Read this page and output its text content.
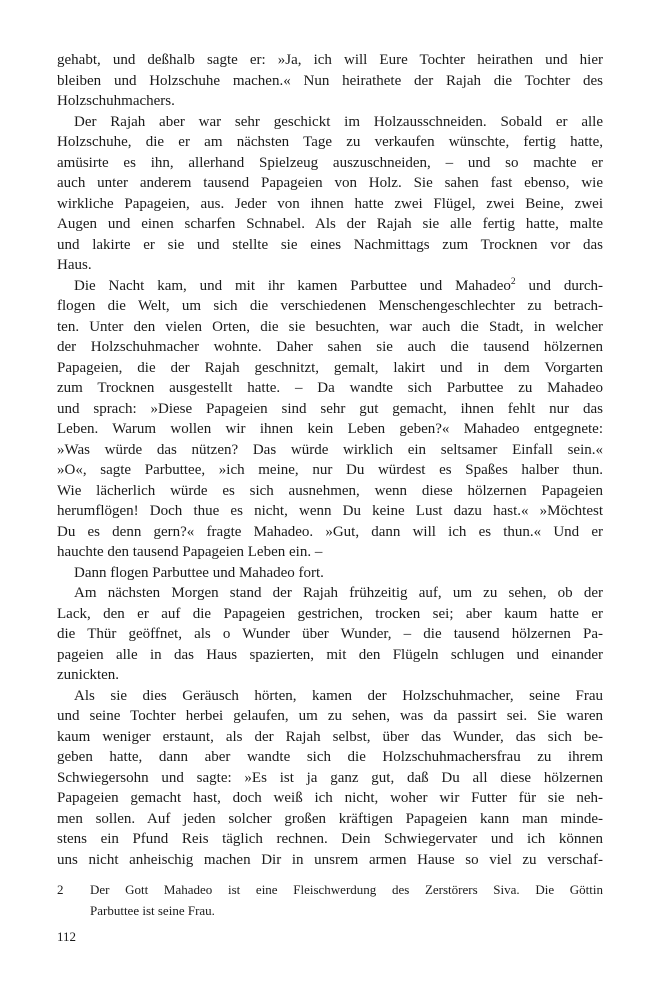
gehabt, und deßhalb sagte er: »Ja, ich will Eure Tochter heirathen und hier
bleiben und Holzschuhe machen.« Nun heirathete der Rajah die Tochter des
Holzschuhmachers.
Der Rajah aber war sehr geschickt im Holzausschneiden. Sobald er alle
Holzschuhe, die er am nächsten Tage zu verkaufen wünschte, fertig hatte,
amüsirte es ihn, allerhand Spielzeug auszuschneiden, – und so machte er
auch unter anderem tausend Papageien von Holz. Sie sahen fast ebenso, wie
wirkliche Papageien, aus. Jeder von ihnen hatte zwei Flügel, zwei Beine, zwei
Augen und einen scharfen Schnabel. Als der Rajah sie alle fertig hatte, malte
und lakirte er sie und stellte sie eines Nachmittags zum Trocknen vor das
Haus.
Die Nacht kam, und mit ihr kamen Parbuttee und Mahadeo$^2$ und durch-
flogen die Welt, um sich die verschiedenen Menschengeschlechter zu betrach-
ten. Unter den vielen Orten, die sie besuchten, war auch die Stadt, in welcher
der Holzschuhmacher wohnte. Daher sahen sie auch die tausend hölzernen
Papageien, die der Rajah geschnitzt, gemalt, lakirt und in dem Vorgarten
zum Trocknen ausgestellt hatte. – Da wandte sich Parbuttee zu Mahadeo
und sprach: »Diese Papageien sind sehr gut gemacht, ihnen fehlt nur das
Leben. Warum wollen wir ihnen kein Leben geben?« Mahadeo entgegnete:
»Was würde das nützen? Das würde wirklich ein seltsamer Einfall sein.«
»O«, sagte Parbuttee, »ich meine, nur Du würdest es Spaßes halber thun.
Wie lächerlich würde es sich ausnehmen, wenn diese hölzernen Papageien
herumflögen! Doch thue es nicht, wenn Du keine Lust dazu hast.« »Möchtest
Du es denn gern?« fragte Mahadeo. »Gut, dann will ich es thun.« Und er
hauchte den tausend Papageien Leben ein. –
Dann flogen Parbuttee und Mahadeo fort.
Am nächsten Morgen stand der Rajah frühzeitig auf, um zu sehen, ob der
Lack, den er auf die Papageien gestrichen, trocken sei; aber kaum hatte er
die Thür geöffnet, als o Wunder über Wunder, – die tausend hölzernen Pa-
pageien alle in das Haus spazierten, mit den Flügeln schlugen und einander
zunickten.
Als sie dies Geräusch hörten, kamen der Holzschuhmacher, seine Frau
und seine Tochter herbei gelaufen, um zu sehen, was da passirt sei. Sie waren
kaum weniger erstaunt, als der Rajah selbst, über das Wunder, das sich be-
geben hatte, dann aber wandte sich die Holzschuhmachersfrau zu ihrem
Schwiegersohn und sagte: »Es ist ja ganz gut, daß Du all diese hölzernen
Papageien gemacht hast, doch weiß ich nicht, woher wir Futter für sie neh-
men sollen. Auf jeden solcher großen kräftigen Papageien kann man minde-
stens ein Pfund Reis täglich rechnen. Dein Schwiegervater und ich können
uns nicht anheischig machen Dir in unsrem armen Hause so viel zu verschaf-
2 Der Gott Mahadeo ist eine Fleischwerdung des Zerstörers Siva. Die Göttin
Parbuttee ist seine Frau.
112
